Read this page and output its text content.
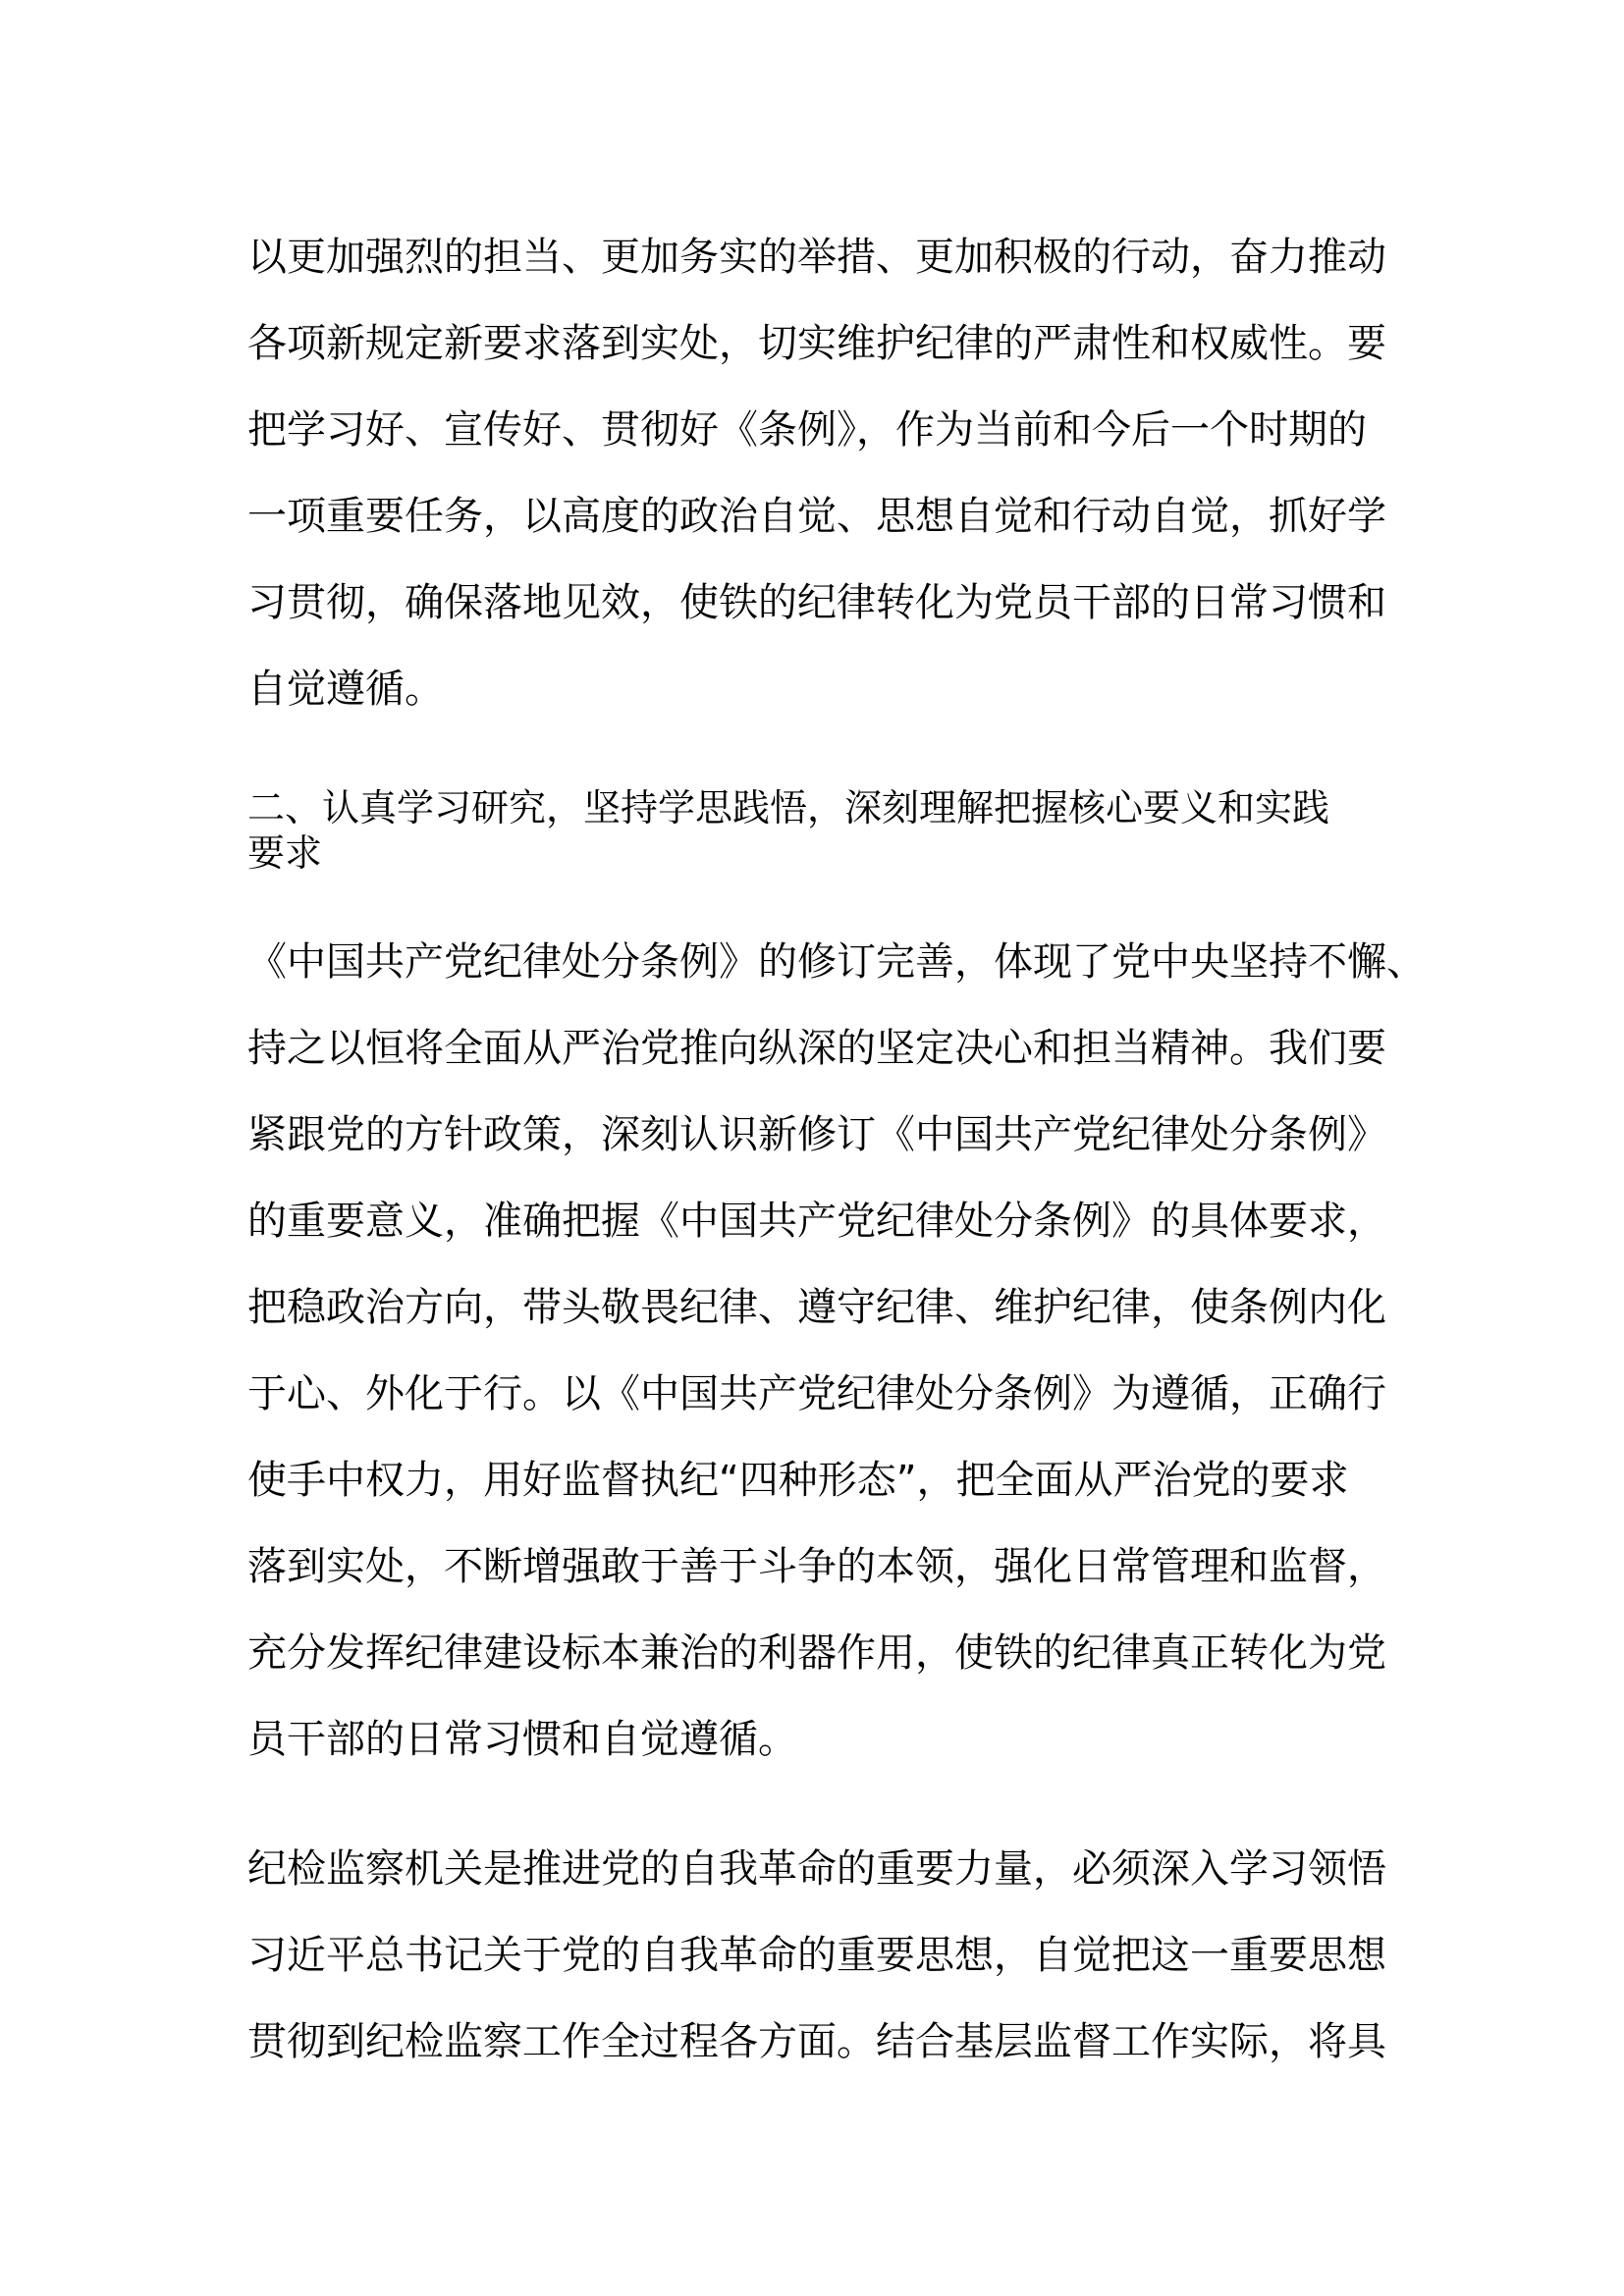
以更加强烈的担当、更加务实的举措、更加积极的行动，奋力推动
各项新规定新要求落到实处，切实维护纪律的严肃性和权威性。要
把学习好、宣传好、贯彻好《条例》，作为当前和今后一个时期的
一项重要任务，以高度的政治自觉、思想自觉和行动自觉，抓好学
习贯彻，确保落地见效，使铁的纪律转化为党员干部的日常习惯和
自觉遵循。
二、认真学习研究，坚持学思践悟，深刻理解把握核心要义和实践
要求
《中国共产党纪律处分条例》的修订完善，体现了党中央坚持不懈、
持之以恒将全面从严治党推向纵深的坚定决心和担当精神。我们要
紧跟党的方针政策，深刻认识新修订《中国共产党纪律处分条例》
的重要意义，准确把握《中国共产党纪律处分条例》的具体要求，
把稳政治方向，带头敬畏纪律、遵守纪律、维护纪律，使条例内化
于心、外化于行。以《中国共产党纪律处分条例》为遵循，正确行
使手中权力，用好监督执纪“四种形态”，把全面从严治党的要求
落到实处，不断增强敢于善于斗争的本领，强化日常管理和监督，
充分发挥纪律建设标本兼治的利器作用，使铁的纪律真正转化为党
员干部的日常习惯和自觉遵循。
纪检监察机关是推进党的自我革命的重要力量，必须深入学习领悟
习近平总书记关于党的自我革命的重要思想，自觉把这一重要思想
贯彻到纪检监察工作全过程各方面。结合基层监督工作实际，将具
